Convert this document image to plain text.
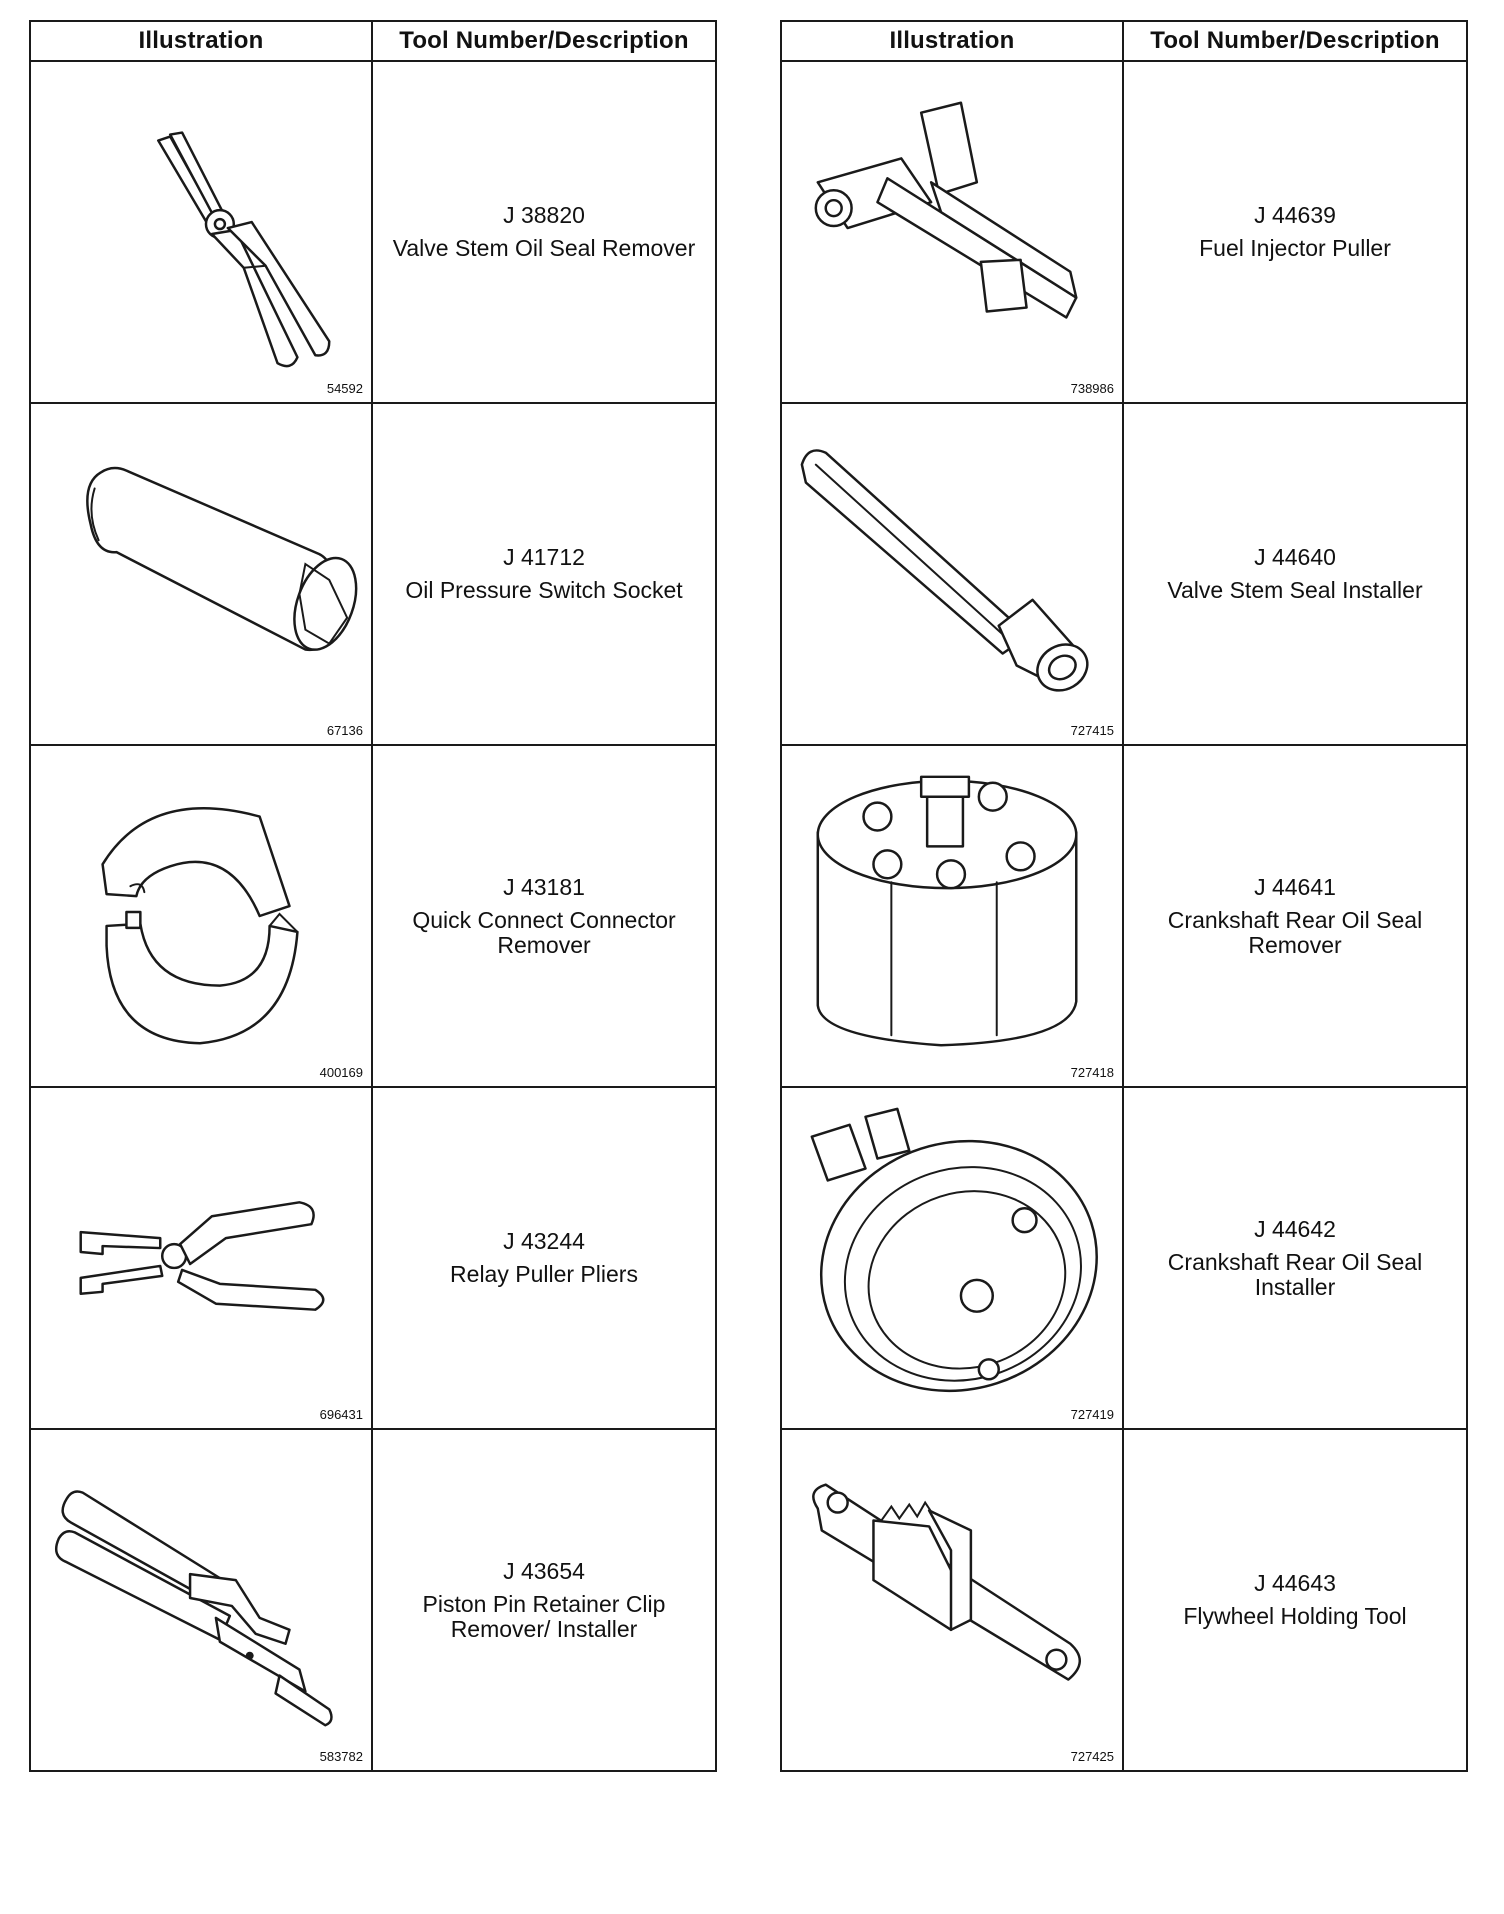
Illustration	Tool Number/Description

54592	J 38820
Valve Stem Oil Seal Remover

67136	J 41712
Oil Pressure Switch Socket

400169	J 43181
Quick Connect Connector Remover

696431	J 43244
Relay Puller Pliers

583782	J 43654
Piston Pin Retainer Clip Remover/ Installer
Illustration	Tool Number/Description

738986	J 44639
Fuel Injector Puller

727415	J 44640
Valve Stem Seal Installer

727418	J 44641
Crankshaft Rear Oil Seal Remover

727419	J 44642
Crankshaft Rear Oil Seal Installer

727425	J 44643
Flywheel Holding Tool
